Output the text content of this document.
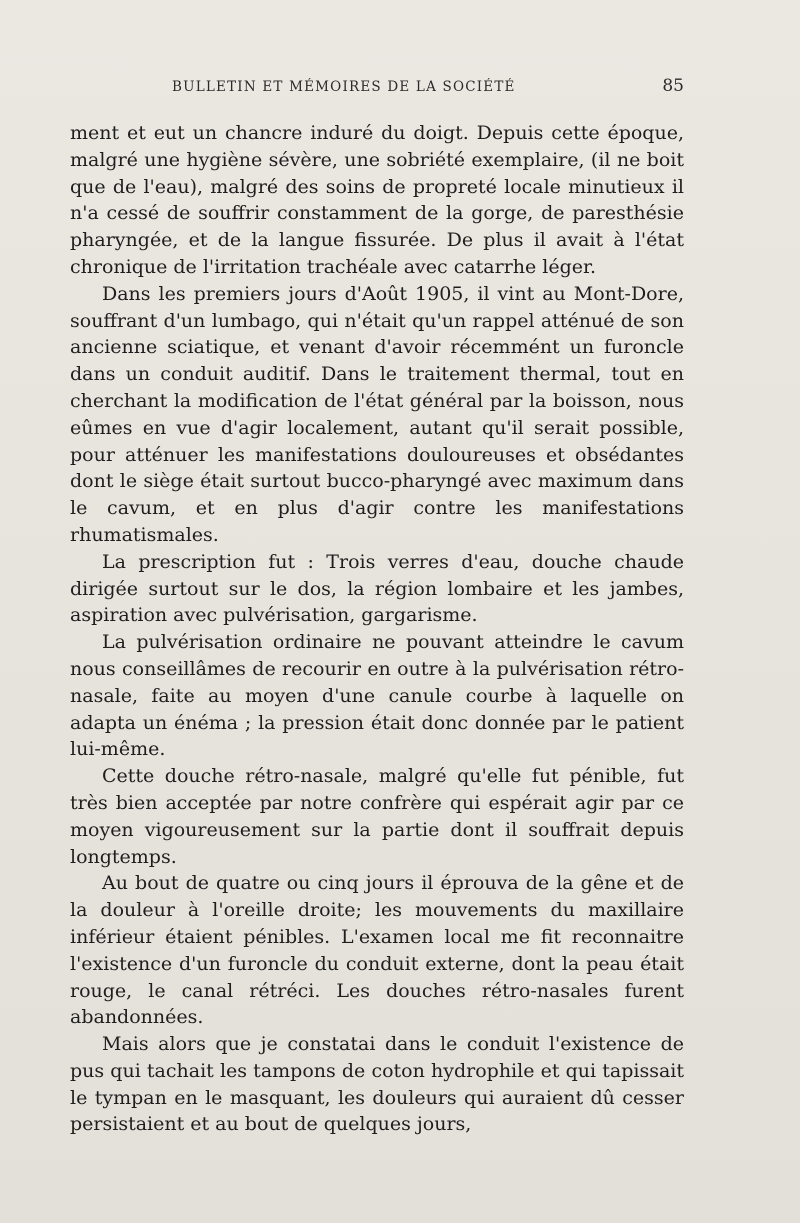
BULLETIN ET MÉMOIRES DE LA SOCIÉTÉ	85

ment et eut un chancre induré du doigt. Depuis cette époque, malgré une hygiène sévère, une sobriété exemplaire, (il ne boit que de l'eau), malgré des soins de propreté locale minutieux il n'a cessé de souffrir constamment de la gorge, de paresthésie pharyngée, et de la langue fissurée. De plus il avait à l'état chronique de l'irritation trachéale avec catarrhe léger.

Dans les premiers jours d'Août 1905, il vint au Mont-Dore, souffrant d'un lumbago, qui n'était qu'un rappel atténué de son ancienne sciatique, et venant d'avoir récemmént un furoncle dans un conduit auditif. Dans le traitement thermal, tout en cherchant la modification de l'état général par la boisson, nous eûmes en vue d'agir localement, autant qu'il serait possible, pour atténuer les manifestations douloureuses et obsédantes dont le siège était surtout bucco-pharyngé avec maximum dans le cavum, et en plus d'agir contre les manifestations rhumatismales.

La prescription fut : Trois verres d'eau, douche chaude dirigée surtout sur le dos, la région lombaire et les jambes, aspiration avec pulvérisation, gargarisme.

La pulvérisation ordinaire ne pouvant atteindre le cavum nous conseillâmes de recourir en outre à la pulvérisation rétro-nasale, faite au moyen d'une canule courbe à laquelle on adapta un énéma ; la pression était donc donnée par le patient lui-même.

Cette douche rétro-nasale, malgré qu'elle fut pénible, fut très bien acceptée par notre confrère qui espérait agir par ce moyen vigoureusement sur la partie dont il souffrait depuis longtemps.

Au bout de quatre ou cinq jours il éprouva de la gêne et de la douleur à l'oreille droite; les mouvements du maxillaire inférieur étaient pénibles. L'examen local me fit reconnaitre l'existence d'un furoncle du conduit externe, dont la peau était rouge, le canal rétréci. Les douches rétro-nasales furent abandonnées.

Mais alors que je constatai dans le conduit l'existence de pus qui tachait les tampons de coton hydrophile et qui tapissait le tympan en le masquant, les douleurs qui auraient dû cesser persistaient et au bout de quelques jours,
